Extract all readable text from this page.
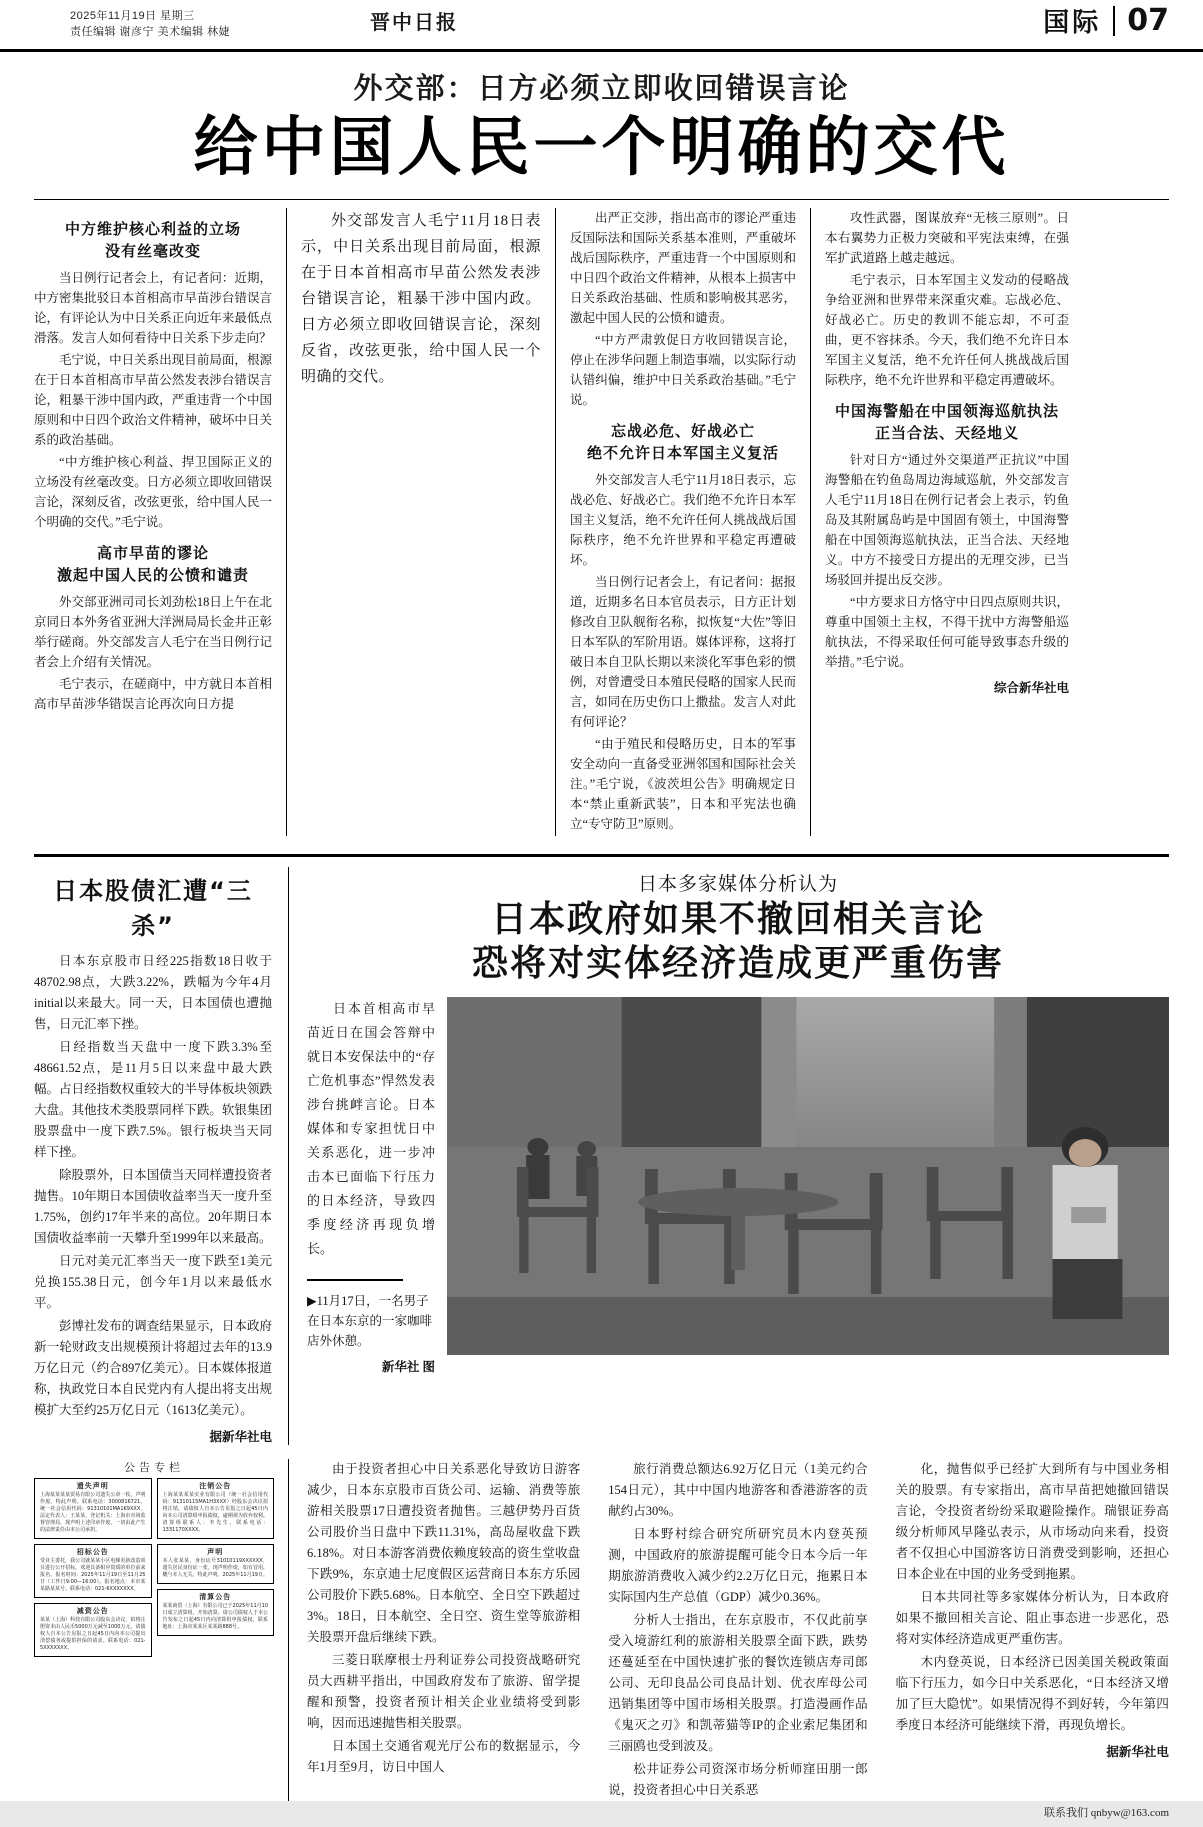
2025年11月19日 星期三
责任编辑 谢彦宁 美术编辑 林婕	晋中日报	国际 07
外交部：日方必须立即收回错误言论
给中国人民一个明确的交代
中方维护核心利益的立场
没有丝毫改变

当日例行记者会上，有记者问：近期，中方密集批驳日本首相高市早苗涉台错误言论，有评论认为中日关系正向近年来最低点滑落。发言人如何看待中日关系下步走向？

毛宁说，中日关系出现目前局面，根源在于日本首相高市早苗公然发表涉台错误言论，粗暴干涉中国内政，严重违背一个中国原则和中日四个政治文件精神，破坏中日关系的政治基础。

“中方维护核心利益、捍卫国际正义的立场没有丝毫改变。日方必须立即收回错误言论，深刻反省，改弦更张，给中国人民一个明确的交代。”毛宁说。

高市早苗的谬论
激起中国人民的公愤和谴责

外交部亚洲司司长刘劲松18日上午在北京同日本外务省亚洲大洋洲局局长金井正彰举行磋商。外交部发言人毛宁在当日例行记者会上介绍有关情况。

毛宁表示，在磋商中，中方就日本首相高市早苗涉华错误言论再次向日方提

外交部发言人毛宁11月18日表示，中日关系出现目前局面，根源在于日本首相高市早苗公然发表涉台错误言论，粗暴干涉中国内政。日方必须立即收回错误言论，深刻反省，改弦更张，给中国人民一个明确的交代。

出严正交涉，指出高市的谬论严重违反国际法和国际关系基本准则，严重破坏战后国际秩序，严重违背一个中国原则和中日四个政治文件精神，从根本上损害中日关系政治基础、性质和影响极其恶劣，激起中国人民的公愤和谴责。

“中方严肃敦促日方收回错误言论，停止在涉华问题上制造事端，以实际行动认错纠偏，维护中日关系政治基础。”毛宁说。

忘战必危、好战必亡
绝不允许日本军国主义复活

外交部发言人毛宁11月18日表示，忘战必危、好战必亡。我们绝不允许日本军国主义复活，绝不允许任何人挑战战后国际秩序，绝不允许世界和平稳定再遭破坏。

当日例行记者会上，有记者问：据报道，近期多名日本官员表示，日方正计划修改自卫队舰衔名称，拟恢复“大佐”等旧日本军队的军阶用语。媒体评称，这将打破日本自卫队长期以来淡化军事色彩的惯例，对曾遭受日本殖民侵略的国家人民而言，如同在历史伤口上撒盐。发言人对此有何评论？

“由于殖民和侵略历史，日本的军事安全动向一直备受亚洲邻国和国际社会关注。”毛宁说，《波茨坦公告》明确规定日本“禁止重新武装”，日本和平宪法也确立“专守防卫”原则。

攻性武器，图谋放弃“无核三原则”。日本右翼势力正极力突破和平宪法束缚，在强军扩武道路上越走越远。

毛宁表示，日本军国主义发动的侵略战争给亚洲和世界带来深重灾难。忘战必危、好战必亡。历史的教训不能忘却，不可歪曲，更不容抹杀。今天，我们绝不允许日本军国主义复活，绝不允许任何人挑战战后国际秩序，绝不允许世界和平稳定再遭破坏。

中国海警船在中国领海巡航执法
正当合法、天经地义

针对日方“通过外交渠道严正抗议”中国海警船在钓鱼岛周边海域巡航，外交部发言人毛宁11月18日在例行记者会上表示，钓鱼岛及其附属岛屿是中国固有领土，中国海警船在中国领海巡航执法，正当合法、天经地义。中方不接受日方提出的无理交涉，已当场驳回并提出反交涉。

“中方要求日方恪守中日四点原则共识，尊重中国领土主权，不得干扰中方海警船巡航执法，不得采取任何可能导致事态升级的举措。”毛宁说。

综合新华社电
日本股债汇遭“三杀”

日本东京股市日经225指数18日收于48702.98点，大跌3.22%，跌幅为今年4月initial以来最大。同一天，日本国债也遭抛售，日元汇率下挫。

日经指数当天盘中一度下跌3.3%至48661.52点，是11月5日以来盘中最大跌幅。占日经指数权重较大的半导体板块领跌大盘。其他技术类股票同样下跌。软银集团股票盘中一度下跌7.5%。银行板块当天同样下挫。

除股票外，日本国债当天同样遭投资者抛售。10年期日本国债收益率当天一度升至1.75%，创约17年半来的高位。20年期日本国债收益率前一天攀升至1999年以来最高。

日元对美元汇率当天一度下跌至1美元兑换155.38日元，创今年1月以来最低水平。

彭博社发布的调查结果显示，日本政府新一轮财政支出规模预计将超过去年的13.9万亿日元（约合897亿美元）。日本媒体报道称，执政党日本自民党内有人提出将支出规模扩大至约25万亿日元（1613亿美元）。

据新华社电
日本多家媒体分析认为
日本政府如果不撤回相关言论
恐将对实体经济造成更严重伤害
日本首相高市早苗近日在国会答辩中就日本安保法中的“存亡危机事态”悍然发表涉台挑衅言论。日本媒体和专家担忧日中关系恶化，进一步冲击本已面临下行压力的日本经济，导致四季度经济再现负增长。
▶11月17日，一名男子在日本东京的一家咖啡店外休憩。
新华社 图
公告专栏
遗失声明
上海某某某某贸易有限公司遗失公章一枚，声明作废。特此声明。联系电话：3000816721，统一社会信用代码：91310101MA1K9XXX，法定代表人：王某某，登记机关：上海市市场监督管理局，现声明上述印章作废，一切由此产生的法律责任由本公司承担。
招标公告
受业主委托，我公司就某某小区电梯更新改造项目进行公开招标，欢迎具备相应资质的单位前来报名。报名时间：2025年11月19日至11月25日（工作日9:00—16:00）。报名地点：本市某某路某某号。联系电话：021-6XXXXXXX。
减资公告
某某（上海）科技有限公司股东会决议，拟将注册资本由人民币5000万元减至1000万元，请债权人自本公告见报之日起45日内向本公司提出清偿债务或提供担保的请求。联系电话：021-5XXXXXXX。
注销公告
上海某某某某实业有限公司（统一社会信用代码：91310115MA1H3XXX）经股东会决议拟将注销，请债权人自本公告见报之日起45日内向本公司清算组申报债权，逾期视为放弃权利。清算组联系人：李先生，联系电话：1331170XXXX。
声明
本人张某某，身份证号31010119XXXXXX，遗失居民身份证一张，现声明作废，如有冒用，概与本人无关。特此声明。2025年11月19日。
清算公告
某某商贸（上海）有限公司已于2025年11月10日成立清算组，开始清算。请公司债权人于本公告发布之日起45日内向清算组申报债权。联系地址：上海市某某区某某路888号。

由于投资者担心中日关系恶化导致访日游客减少，日本东京股市百货公司、运输、消费等旅游相关股票17日遭投资者抛售。三越伊势丹百货公司股价当日盘中下跌11.31%，高岛屋收盘下跌6.18%。对日本游客消费依赖度较高的资生堂收盘下跌9%，东京迪士尼度假区运营商日本东方乐园公司股价下跌5.68%。日本航空、全日空下跌超过3%。18日，日本航空、全日空、资生堂等旅游相关股票开盘后继续下跌。

三菱日联摩根士丹利证券公司投资战略研究员大西耕平指出，中国政府发布了旅游、留学提醒和预警，投资者预计相关企业业绩将受到影响，因而迅速抛售相关股票。

日本国土交通省观光厅公布的数据显示，今年1月至9月，访日中国人

旅行消费总额达6.92万亿日元（1美元约合154日元），其中中国内地游客和香港游客的贡献约占30%。

日本野村综合研究所研究员木内登英预测，中国政府的旅游提醒可能令日本今后一年期旅游消费收入减少约2.2万亿日元，拖累日本实际国内生产总值（GDP）减少0.36%。

分析人士指出，在东京股市，不仅此前享受入境游红利的旅游相关股票全面下跌，跌势还蔓延至在中国快速扩张的餐饮连锁店寿司郎公司、无印良品公司良品计划、优衣库母公司迅销集团等中国市场相关股票。打造漫画作品《鬼灭之刃》和凯蒂猫等IP的企业索尼集团和三丽鸥也受到波及。

松井证券公司资深市场分析师窪田朋一郎说，投资者担心中日关系恶

化，抛售似乎已经扩大到所有与中国业务相关的股票。有专家指出，高市早苗把她撤回错误言论，令投资者纷纷采取避险操作。瑞银证券高级分析师风早隆弘表示，从市场动向来看，投资者不仅担心中国游客访日消费受到影响，还担心日本企业在中国的业务受到拖累。

日本共同社等多家媒体分析认为，日本政府如果不撤回相关言论、阻止事态进一步恶化，恐将对实体经济造成更严重伤害。

木内登英说，日本经济已因美国关税政策面临下行压力，如今日中关系恶化，“日本经济又增加了巨大隐忧”。如果情况得不到好转，今年第四季度日本经济可能继续下滑，再现负增长。

据新华社电
联系我们 qnbyw@163.com
